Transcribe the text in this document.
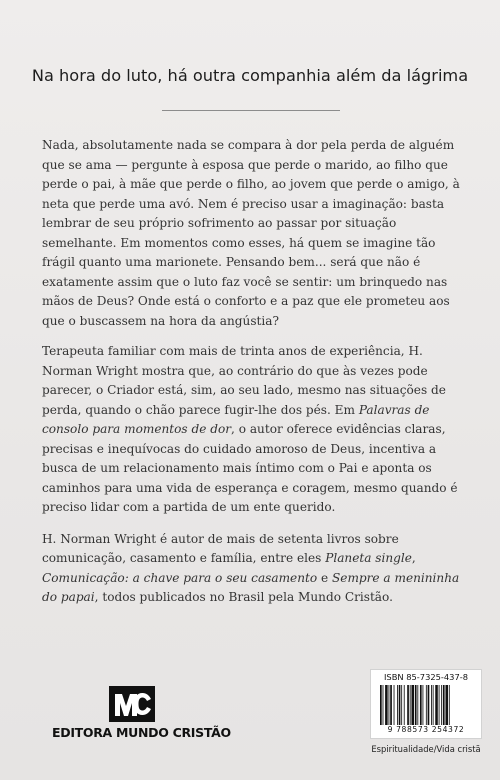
Na hora do luto, há outra companhia além da lágrima

Nada, absolutamente nada se compara à dor pela perda de alguém que se ama — pergunte à esposa que perde o marido, ao filho que perde o pai, à mãe que perde o filho, ao jovem que perde o amigo, à neta que perde uma avó. Nem é preciso usar a imaginação: basta lembrar de seu próprio sofrimento ao passar por situação semelhante. Em momentos como esses, há quem se imagine tão frágil quanto uma marionete. Pensando bem... será que não é exatamente assim que o luto faz você se sentir: um brinquedo nas mãos de Deus? Onde está o conforto e a paz que ele prometeu aos que o buscassem na hora da angústia?

Terapeuta familiar com mais de trinta anos de experiência, H. Norman Wright mostra que, ao contrário do que às vezes pode parecer, o Criador está, sim, ao seu lado, mesmo nas situações de perda, quando o chão parece fugir-lhe dos pés. Em Palavras de consolo para momentos de dor, o autor oferece evidências claras, precisas e inequívocas do cuidado amoroso de Deus, incentiva a busca de um relacionamento mais íntimo com o Pai e aponta os caminhos para uma vida de esperança e coragem, mesmo quando é preciso lidar com a partida de um ente querido.

H. Norman Wright é autor de mais de setenta livros sobre comunicação, casamento e família, entre eles Planeta single, Comunicação: a chave para o seu casamento e Sempre a menininha do papai, todos publicados no Brasil pela Mundo Cristão.

EDITORA MUNDO CRISTÃO
ISBN 85-7325-437-8
9 788573 254372
Espiritualidade/Vida cristã
